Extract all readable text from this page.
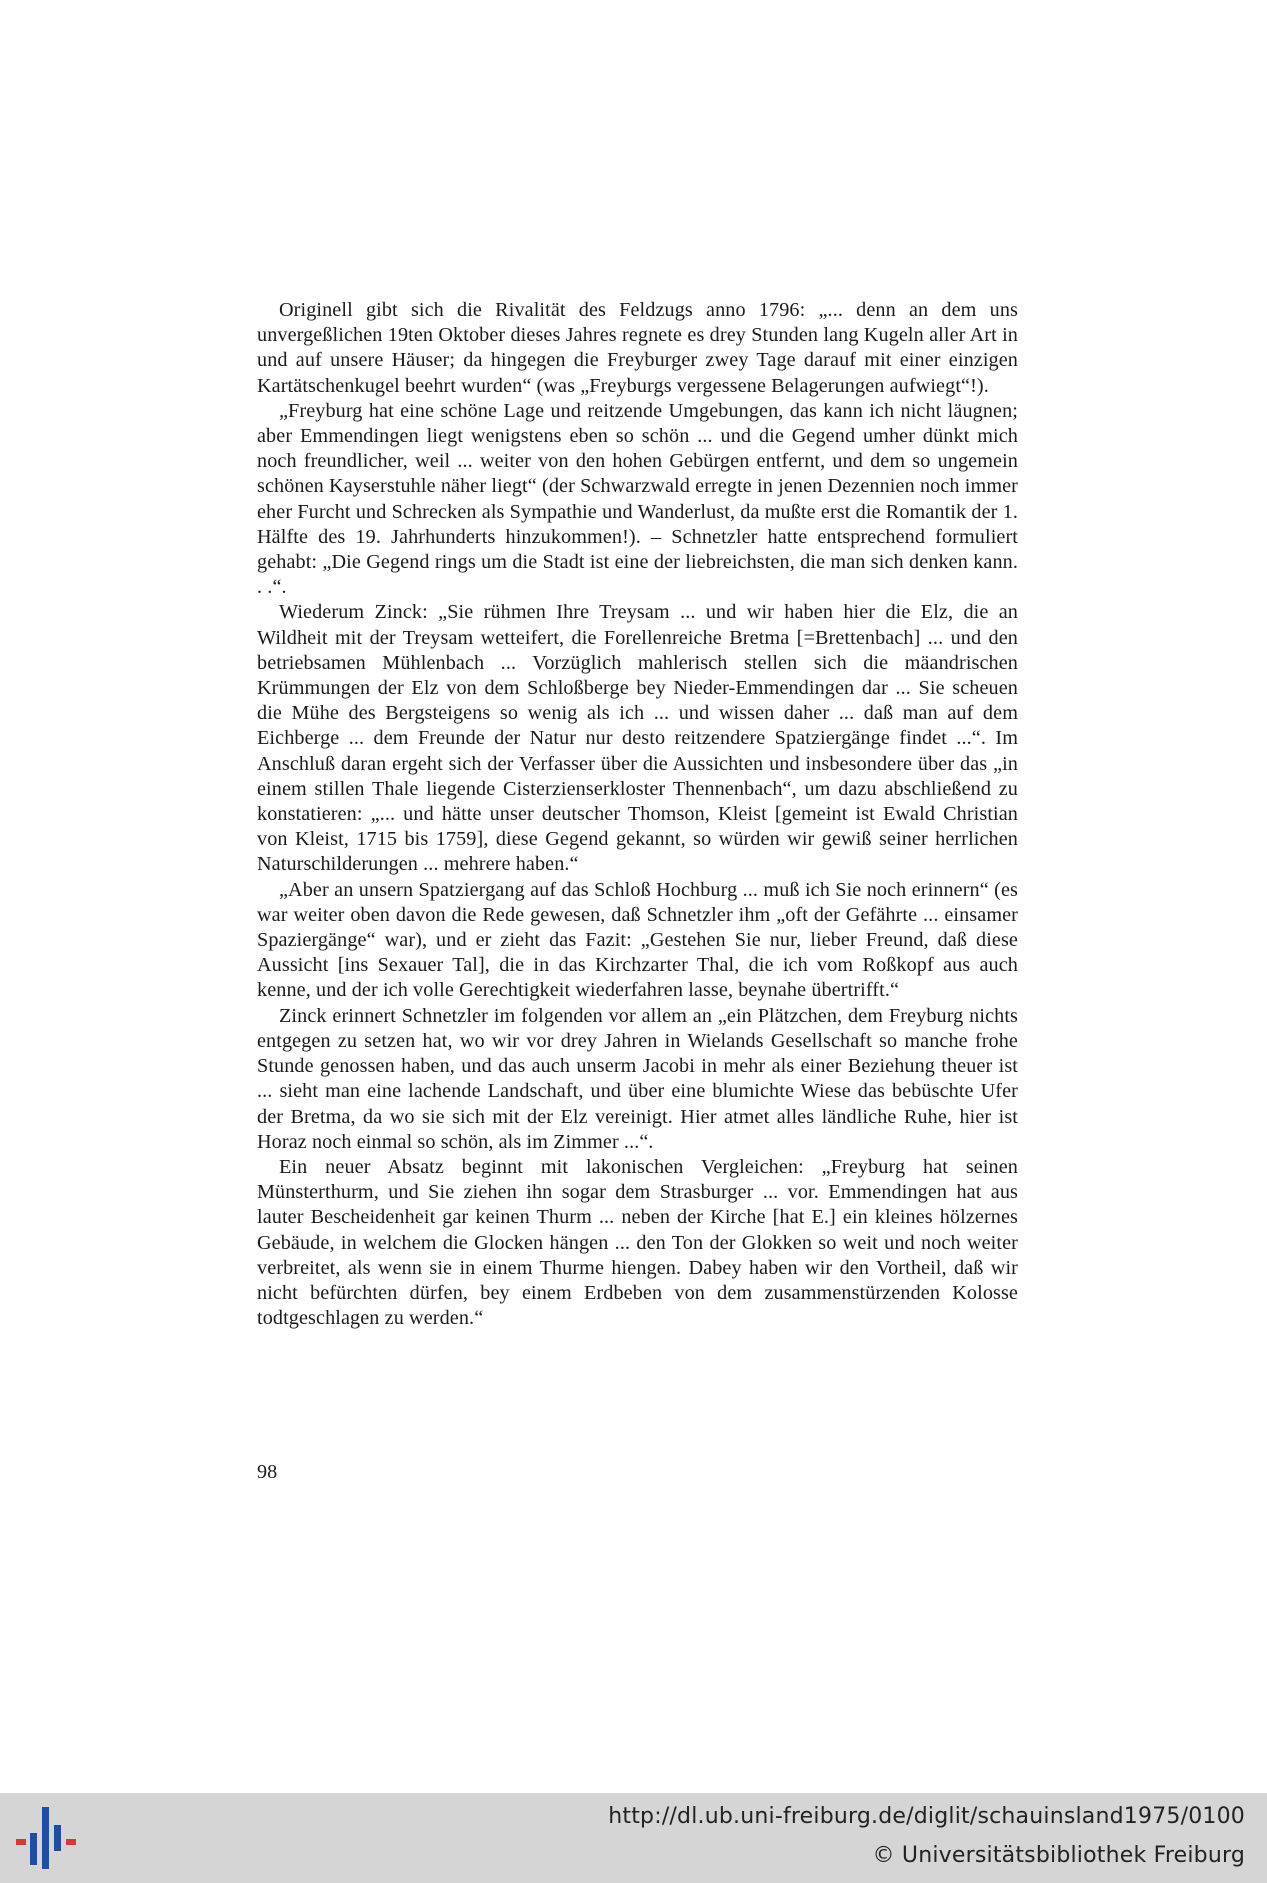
Originell gibt sich die Rivalität des Feldzugs anno 1796: „... denn an dem uns unvergeßlichen 19ten Oktober dieses Jahres regnete es drey Stunden lang Kugeln aller Art in und auf unsere Häuser; da hingegen die Freyburger zwey Tage darauf mit einer einzigen Kartätschenkugel beehrt wurden“ (was „Freyburgs vergessene Belagerungen aufwiegt“!).

„Freyburg hat eine schöne Lage und reitzende Umgebungen, das kann ich nicht läugnen; aber Emmendingen liegt wenigstens eben so schön ... und die Gegend umher dünkt mich noch freundlicher, weil ... weiter von den hohen Gebürgen entfernt, und dem so ungemein schönen Kayserstuhle näher liegt“ (der Schwarzwald erregte in jenen Dezennien noch immer eher Furcht und Schrecken als Sympathie und Wanderlust, da mußte erst die Romantik der 1. Hälfte des 19. Jahrhunderts hinzukommen!). – Schnetzler hatte entsprechend formuliert gehabt: „Die Gegend rings um die Stadt ist eine der liebreichsten, die man sich denken kann. . .“.

Wiederum Zinck: „Sie rühmen Ihre Treysam ... und wir haben hier die Elz, die an Wildheit mit der Treysam wetteifert, die Forellenreiche Bretma [=Brettenbach] ... und den betriebsamen Mühlenbach ... Vorzüglich mahlerisch stellen sich die mäandrischen Krümmungen der Elz von dem Schloßberge bey Nieder-Emmendingen dar ... Sie scheuen die Mühe des Bergsteigens so wenig als ich ... und wissen daher ... daß man auf dem Eichberge ... dem Freunde der Natur nur desto reitzendere Spatziergänge findet ...“. Im Anschluß daran ergeht sich der Verfasser über die Aussichten und insbesondere über das „in einem stillen Thale liegende Cisterzienserkloster Thennenbach“, um dazu abschließend zu konstatieren: „... und hätte unser deutscher Thomson, Kleist [gemeint ist Ewald Christian von Kleist, 1715 bis 1759], diese Gegend gekannt, so würden wir gewiß seiner herrlichen Naturschilderungen ... mehrere haben.“

„Aber an unsern Spatziergang auf das Schloß Hochburg ... muß ich Sie noch erinnern“ (es war weiter oben davon die Rede gewesen, daß Schnetzler ihm „oft der Gefährte ... einsamer Spaziergänge“ war), und er zieht das Fazit: „Gestehen Sie nur, lieber Freund, daß diese Aussicht [ins Sexauer Tal], die in das Kirchzarter Thal, die ich vom Roßkopf aus auch kenne, und der ich volle Gerechtigkeit wiederfahren lasse, beynahe übertrifft.“

Zinck erinnert Schnetzler im folgenden vor allem an „ein Plätzchen, dem Freyburg nichts entgegen zu setzen hat, wo wir vor drey Jahren in Wielands Gesellschaft so manche frohe Stunde genossen haben, und das auch unserm Jacobi in mehr als einer Beziehung theuer ist ... sieht man eine lachende Landschaft, und über eine blumichte Wiese das bebüschte Ufer der Bretma, da wo sie sich mit der Elz vereinigt. Hier atmet alles ländliche Ruhe, hier ist Horaz noch einmal so schön, als im Zimmer ...“.

Ein neuer Absatz beginnt mit lakonischen Vergleichen: „Freyburg hat seinen Münsterthurm, und Sie ziehen ihn sogar dem Strasburger ... vor. Emmendingen hat aus lauter Bescheidenheit gar keinen Thurm ... neben der Kirche [hat E.] ein kleines hölzernes Gebäude, in welchem die Glocken hängen ... den Ton der Glokken so weit und noch weiter verbreitet, als wenn sie in einem Thurme hiengen. Dabey haben wir den Vortheil, daß wir nicht befürchten dürfen, bey einem Erdbeben von dem zusammenstürzenden Kolosse todtgeschlagen zu werden.“

98
http://dl.ub.uni-freiburg.de/diglit/schauinsland1975/0100
© Universitätsbibliothek Freiburg
